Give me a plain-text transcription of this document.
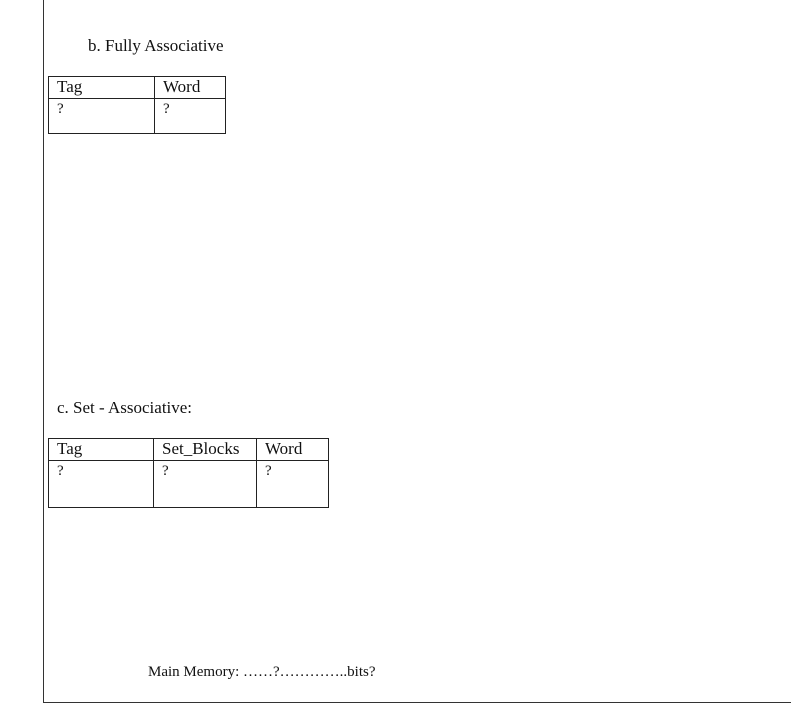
b. Fully Associative
Tag	Word
?	?
c. Set - Associative:
Tag	Set_Blocks	Word
?	?	?
Main Memory: ……?…………..bits?
